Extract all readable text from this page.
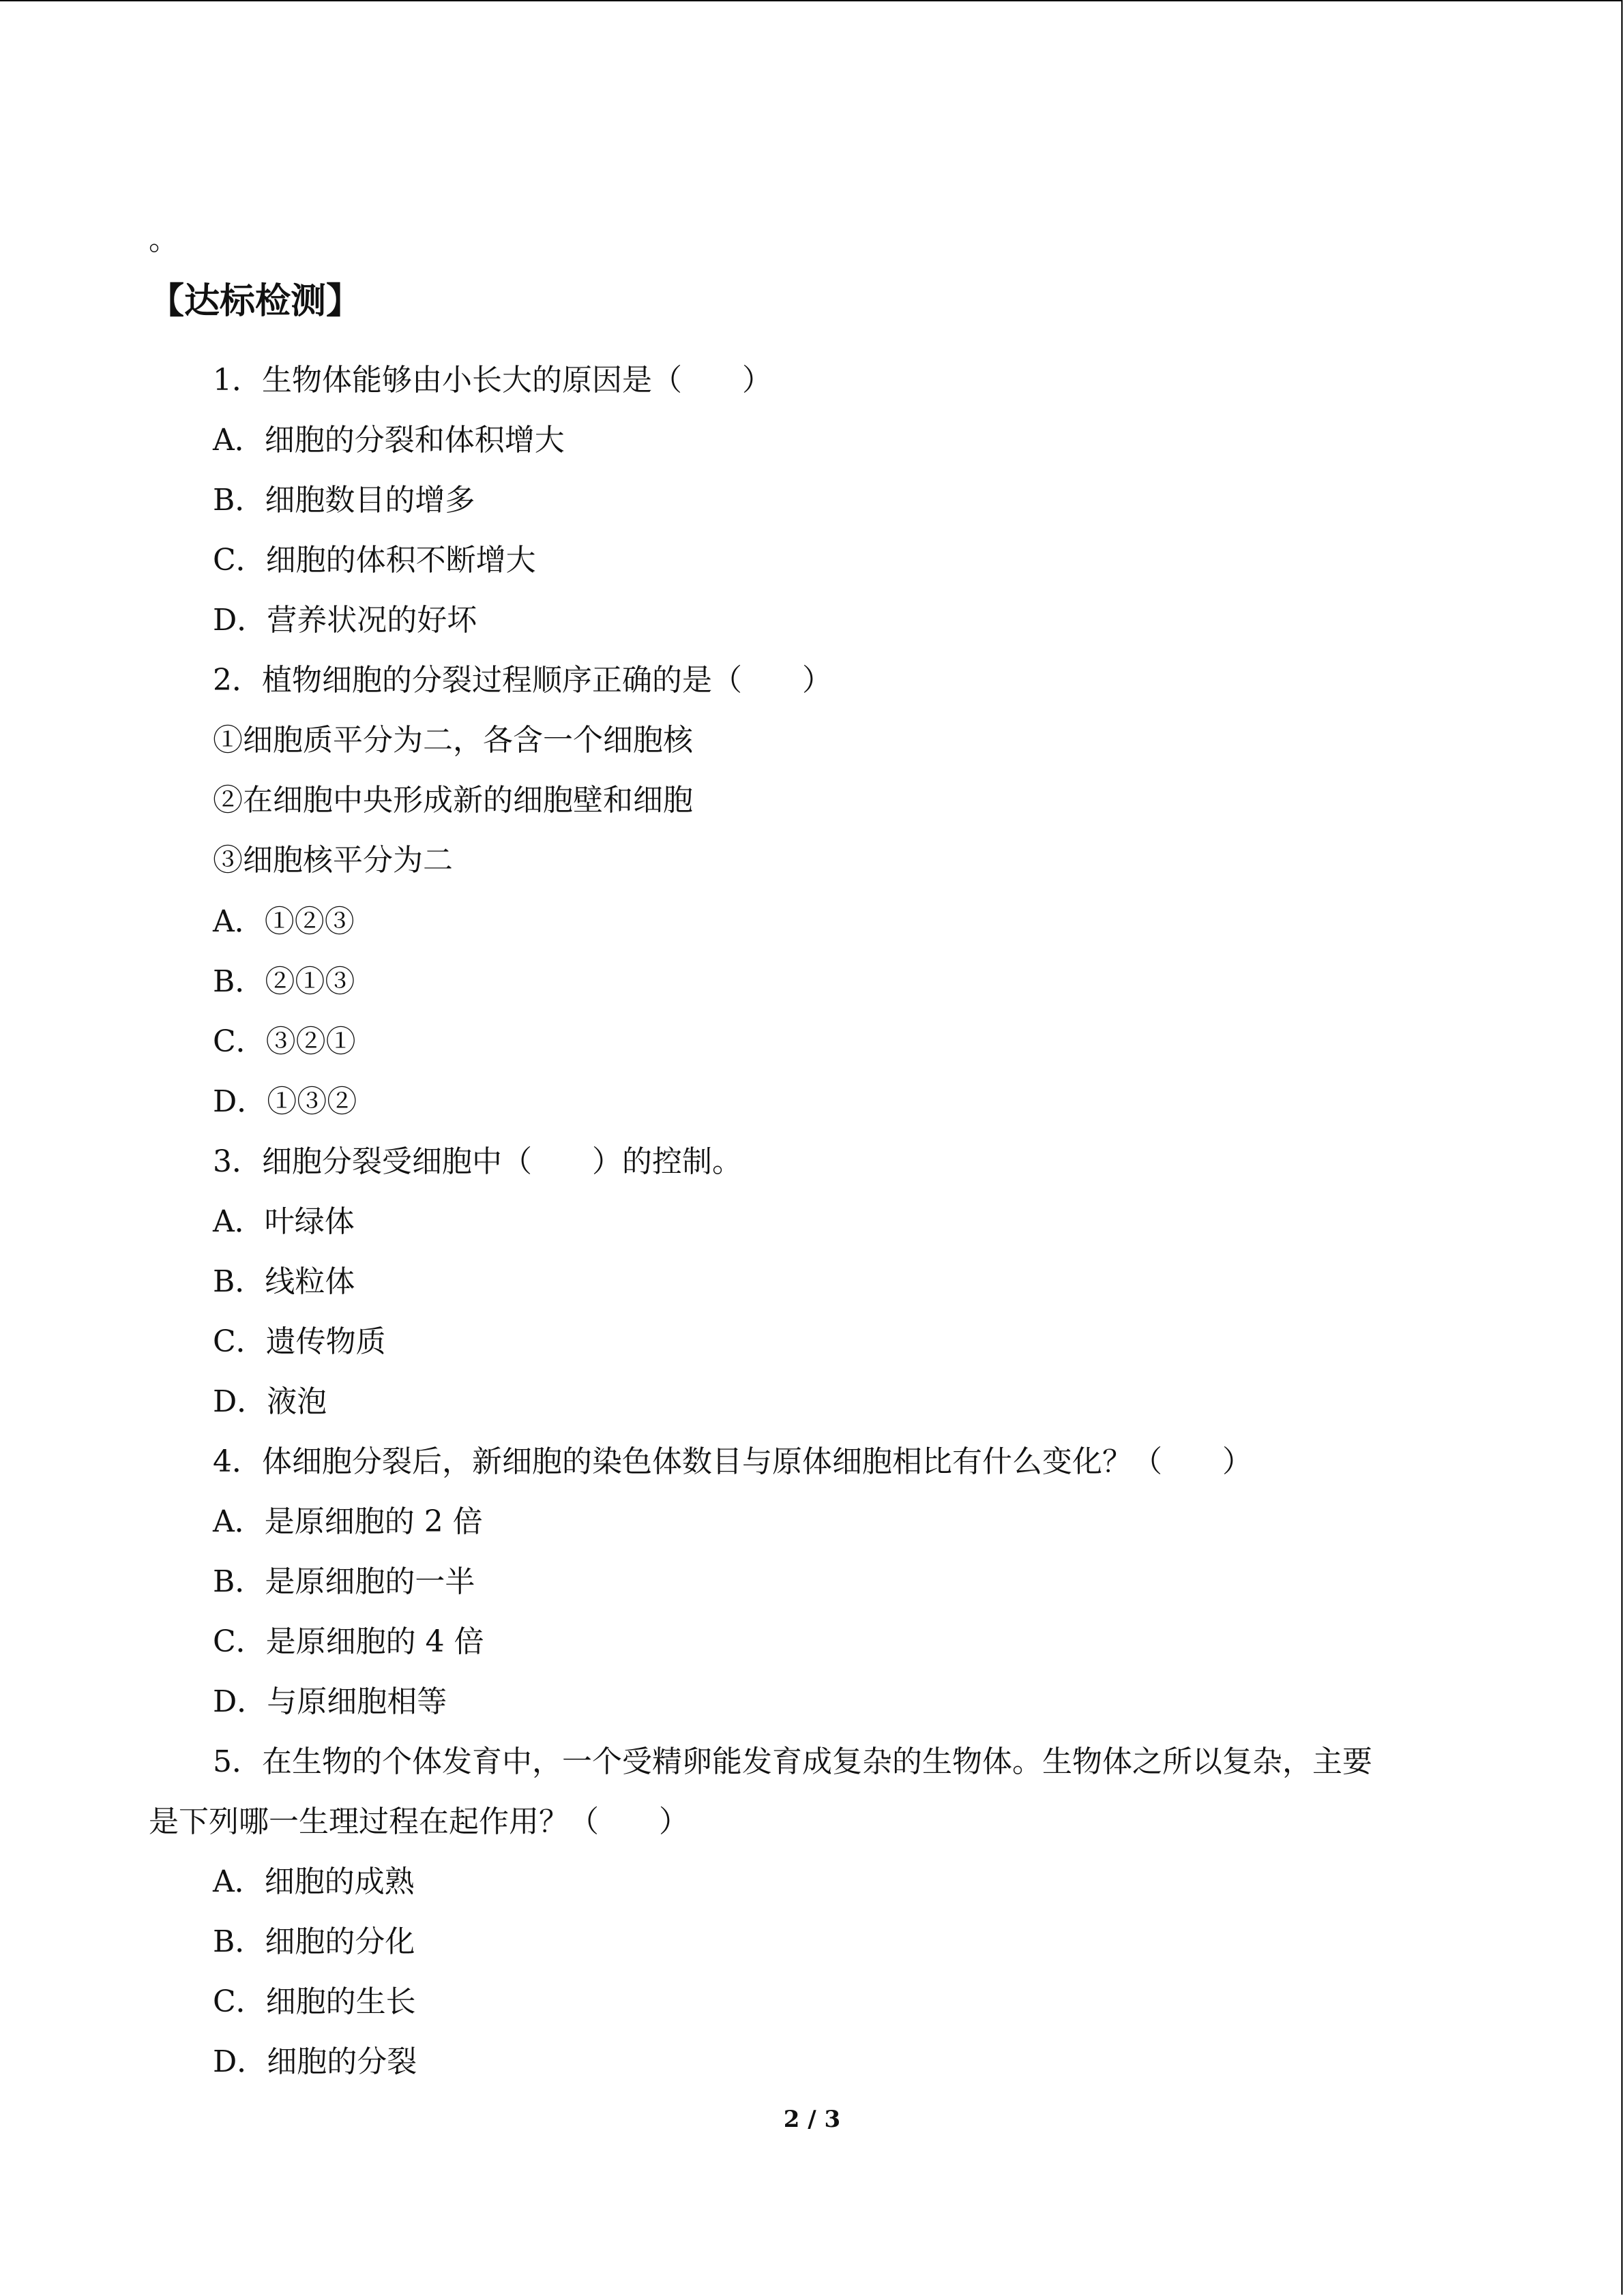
。
【达标检测】
1．生物体能够由小长大的原因是（　　）
A．细胞的分裂和体积增大
B．细胞数目的增多
C．细胞的体积不断增大
D．营养状况的好坏
2．植物细胞的分裂过程顺序正确的是（　　）
①细胞质平分为二，各含一个细胞核
②在细胞中央形成新的细胞壁和细胞
③细胞核平分为二
A．①②③
B．②①③
C．③②①
D．①③②
3．细胞分裂受细胞中（　　）的控制。
A．叶绿体
B．线粒体
C．遗传物质
D．液泡
4．体细胞分裂后，新细胞的染色体数目与原体细胞相比有什么变化？（　　）
A．是原细胞的 2 倍
B．是原细胞的一半
C．是原细胞的 4 倍
D．与原细胞相等
5．在生物的个体发育中，一个受精卵能发育成复杂的生物体。生物体之所以复杂，主要
是下列哪一生理过程在起作用？（　　）
A．细胞的成熟
B．细胞的分化
C．细胞的生长
D．细胞的分裂
2 / 3
